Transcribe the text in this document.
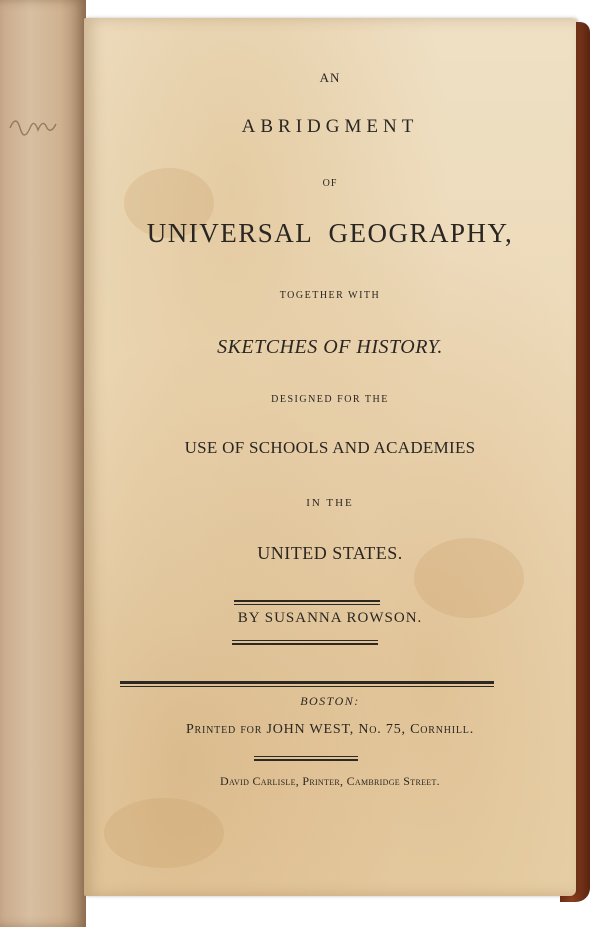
AN
ABRIDGMENT
OF
UNIVERSAL GEOGRAPHY,
TOGETHER WITH
SKETCHES OF HISTORY.
DESIGNED FOR THE
USE OF SCHOOLS AND ACADEMIES
IN THE
UNITED STATES.
BY SUSANNA ROWSON.
BOSTON:
Printed for JOHN WEST, No. 75, Cornhill.
David Carlisle, Printer, Cambridge Street.
